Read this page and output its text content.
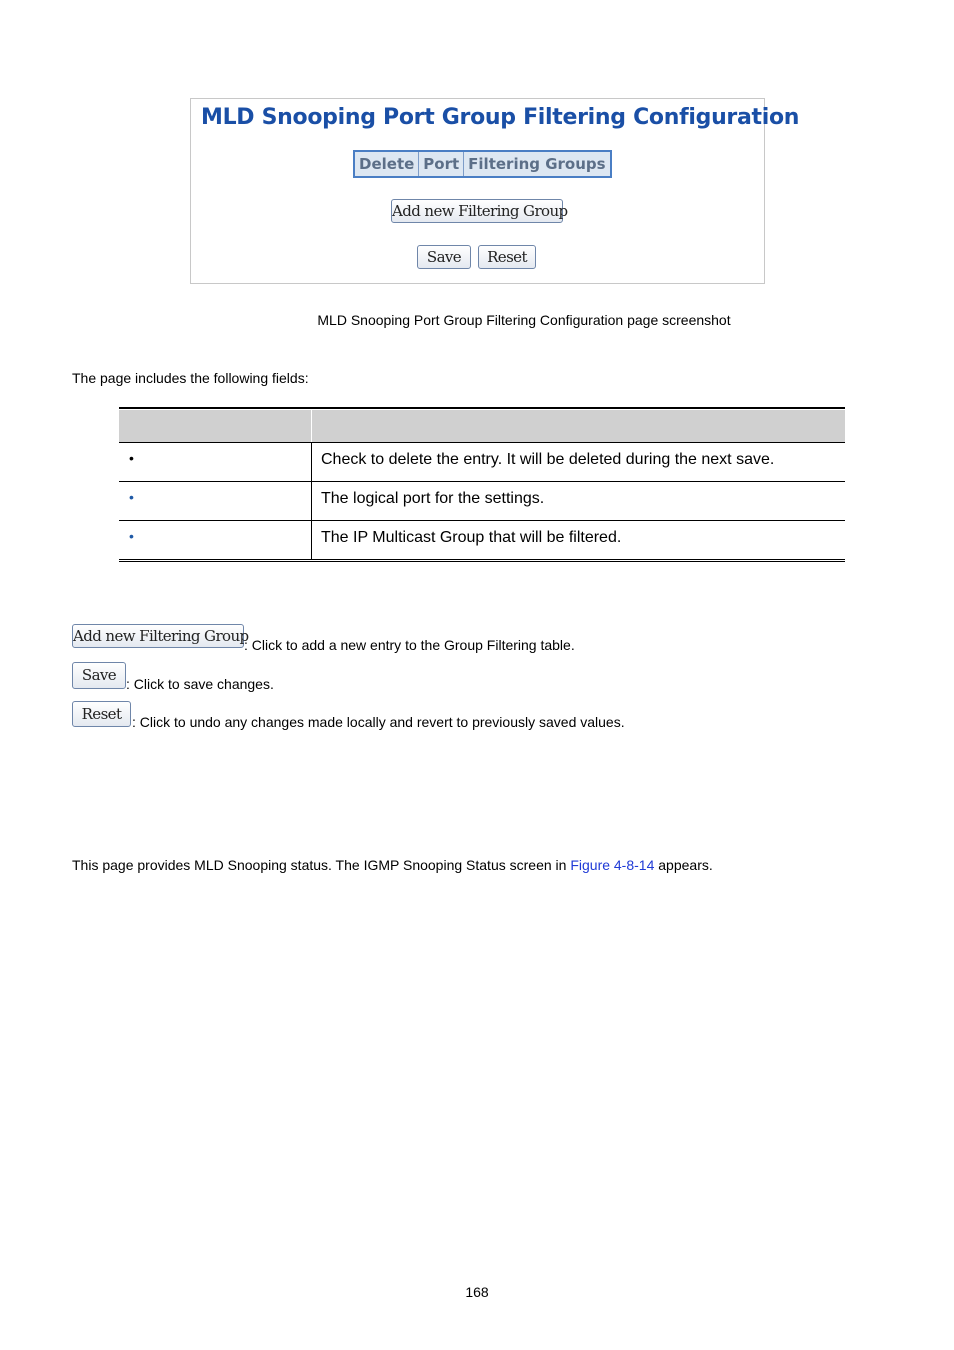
MLD Snooping Port Group Filtering Configuration
Delete Port Filtering Groups
Add new Filtering Group
Save	Reset
MLD Snooping Port Group Filtering Configuration page screenshot
The page includes the following fields:
•	Check to delete the entry. It will be deleted during the next save.
•	The logical port for the settings.
•	The IP Multicast Group that will be filtered.
Add new Filtering Group
: Click to add a new entry to the Group Filtering table.
Save : Click to save changes.
Reset : Click to undo any changes made locally and revert to previously saved values.
This page provides MLD Snooping status. The IGMP Snooping Status screen in Figure 4-8-14 appears.
168
